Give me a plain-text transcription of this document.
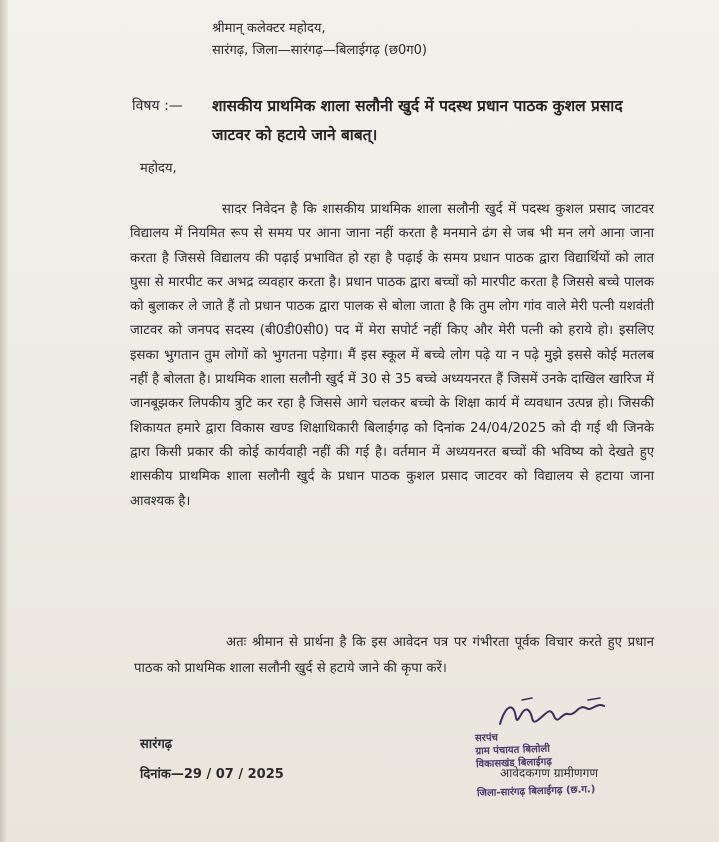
श्रीमान् कलेक्टर महोदय,
सारंगढ़, जिला—सारंगढ़—बिलाईगढ़ (छ0ग0)
विषय :— शासकीय प्राथमिक शाला सलौनी खुर्द में पदस्थ प्रधान पाठक कुशल प्रसाद जाटवर को हटाये जाने बाबत्।
महोदय,

सादर निवेदन है कि शासकीय प्राथमिक शाला सलौनी खुर्द में पदस्थ कुशल प्रसाद जाटवर विद्यालय में नियमित रूप से समय पर आना जाना नहीं करता है मनमाने ढंग से जब भी मन लगे आना जाना करता है जिससे विद्यालय की पढ़ाई प्रभावित हो रहा है पढ़ाई के समय प्रधान पाठक द्वारा विद्यार्थियों को लात घुसा से मारपीट कर अभद्र व्यवहार करता है। प्रधान पाठक द्वारा बच्चों को मारपीट करता है जिससे बच्चे पालक को बुलाकर ले जाते हैं तो प्रधान पाठक द्वारा पालक से बोला जाता है कि तुम लोग गांव वाले मेरी पत्नी यशवंती जाटवर को जनपद सदस्य (बी0डी0सी0) पद में मेरा सपोर्ट नहीं किए और मेरी पत्नी को हराये हो। इसलिए इसका भुगतान तुम लोगों को भुगतना पड़ेगा। मैं इस स्कूल में बच्चे लोग पढ़े या न पढ़े मुझे इससे कोई मतलब नहीं है बोलता है। प्राथमिक शाला सलौनी खुर्द में 30 से 35 बच्चे अध्ययनरत हैं जिसमें उनके दाखिल खारिज में जानबूझकर लिपकीय त्रुटि कर रहा है जिससे आगे चलकर बच्चो के शिक्षा कार्य में व्यवधान उत्पन्न हो। जिसकी शिकायत हमारे द्वारा विकास खण्ड शिक्षाधिकारी बिलाईगढ़ को दिनांक 24/04/2025 को दी गई थी जिनके द्वारा किसी प्रकार की कोई कार्यवाही नहीं की गई है। वर्तमान में अध्ययनरत बच्चों की भविष्य को देखते हुए शासकीय प्राथमिक शाला सलौनी खुर्द के प्रधान पाठक कुशल प्रसाद जाटवर को विद्यालय से हटाया जाना आवश्यक है।

अतः श्रीमान से प्रार्थना है कि इस आवेदन पत्र पर गंभीरता पूर्वक विचार करते हुए प्रधान पाठक को प्राथमिक शाला सलौनी खुर्द से हटाये जाने की कृपा करें।

सारंगढ़
दिनांक—29 / 07 / 2025
सरपंच
ग्राम पंचायत बिलोली
विकासखंड बिलाईगढ़
जिला-सारंगढ़ बिलाईगढ़ (छ.ग.)
आवेदकगण ग्रामीणगण
